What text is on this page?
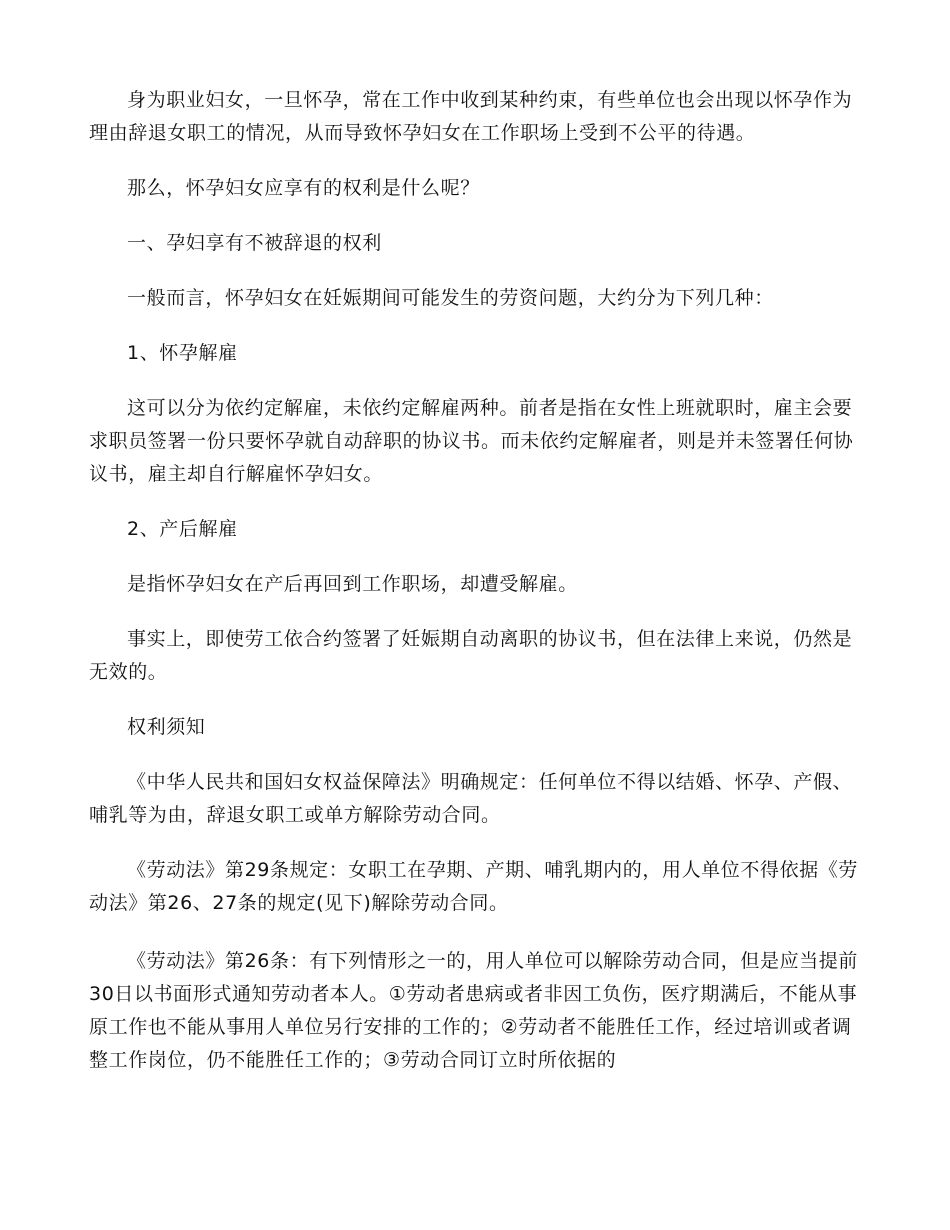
身为职业妇女，一旦怀孕，常在工作中收到某种约束，有些单位也会出现以怀孕作为理由辞退女职工的情况，从而导致怀孕妇女在工作职场上受到不公平的待遇。

那么，怀孕妇女应享有的权利是什么呢？

一、孕妇享有不被辞退的权利

一般而言，怀孕妇女在妊娠期间可能发生的劳资问题，大约分为下列几种：

1、怀孕解雇

这可以分为依约定解雇，未依约定解雇两种。前者是指在女性上班就职时，雇主会要求职员签署一份只要怀孕就自动辞职的协议书。而未依约定解雇者，则是并未签署任何协议书，雇主却自行解雇怀孕妇女。

2、产后解雇

是指怀孕妇女在产后再回到工作职场，却遭受解雇。

事实上，即使劳工依合约签署了妊娠期自动离职的协议书，但在法律上来说，仍然是无效的。

权利须知

《中华人民共和国妇女权益保障法》明确规定：任何单位不得以结婚、怀孕、产假、哺乳等为由，辞退女职工或单方解除劳动合同。

《劳动法》第29条规定：女职工在孕期、产期、哺乳期内的，用人单位不得依据《劳动法》第26、27条的规定(见下)解除劳动合同。

《劳动法》第26条：有下列情形之一的，用人单位可以解除劳动合同，但是应当提前30日以书面形式通知劳动者本人。①劳动者患病或者非因工负伤，医疗期满后，不能从事原工作也不能从事用人单位另行安排的工作的；②劳动者不能胜任工作，经过培训或者调整工作岗位，仍不能胜任工作的；③劳动合同订立时所依据的
